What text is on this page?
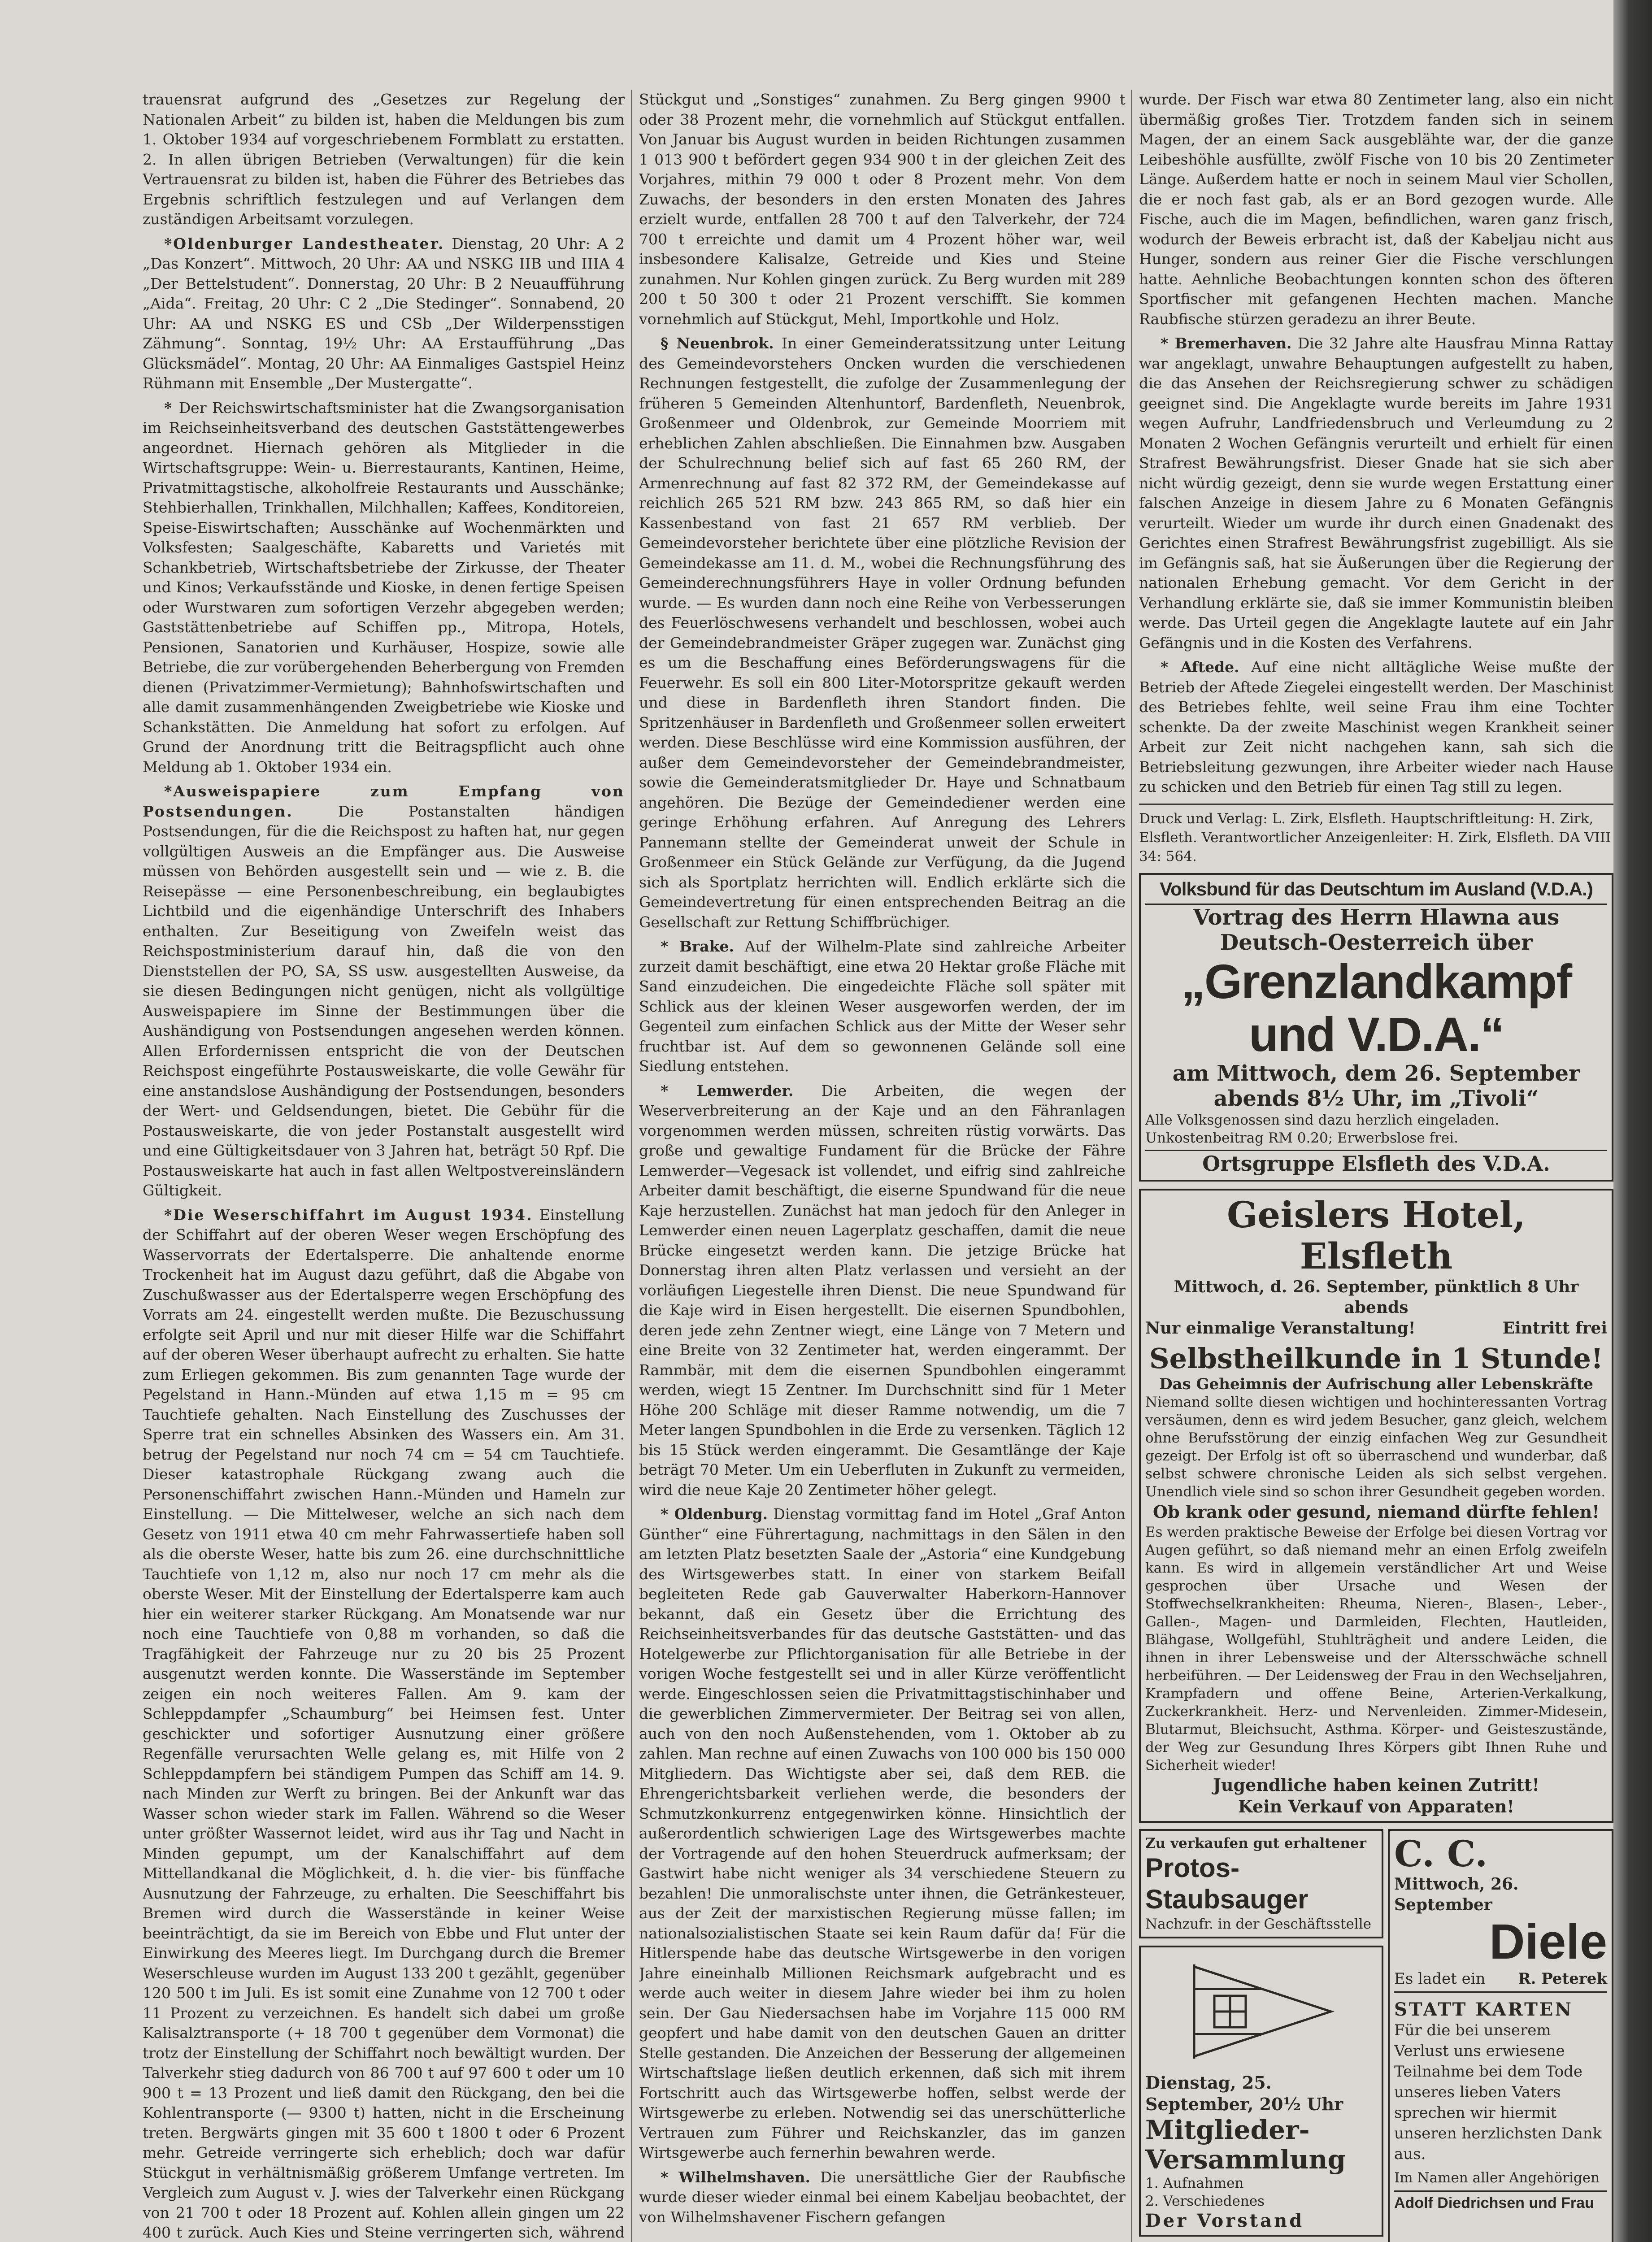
trauensrat aufgrund des „Gesetzes zur Regelung der Nationalen Arbeit“ zu bilden ist, haben die Meldungen bis zum 1. Oktober 1934 auf vorgeschriebenem Formblatt zu erstatten. 2. In allen übrigen Betrieben (Verwaltungen) für die kein Vertrauensrat zu bilden ist, haben die Führer des Betriebes das Ergebnis schriftlich festzulegen und auf Verlangen dem zuständigen Arbeitsamt vorzulegen.

*Oldenburger Landestheater. Dienstag, 20 Uhr: A 2 „Das Konzert“. Mittwoch, 20 Uhr: AA und NSKG IIB und IIIA 4 „Der Bettelstudent“. Donnerstag, 20 Uhr: B 2 Neuaufführung „Aida“. Freitag, 20 Uhr: C 2 „Die Stedinger“. Sonnabend, 20 Uhr: AA und NSKG ES und CSb „Der Wilderpensstigen Zähmung“. Sonntag, 19½ Uhr: AA Erstaufführung „Das Glücksmädel“. Montag, 20 Uhr: AA Einmaliges Gastspiel Heinz Rühmann mit Ensemble „Der Mustergatte“.

* Der Reichswirtschaftsminister hat die Zwangsorganisation im Reichseinheitsverband des deutschen Gaststättengewerbes angeordnet. Hiernach gehören als Mitglieder in die Wirtschaftsgruppe: Wein- u. Bierrestaurants, Kantinen, Heime, Privatmittagstische, alkoholfreie Restaurants und Ausschänke; Stehbierhallen, Trinkhallen, Milchhallen; Kaffees, Konditoreien, Speise-Eiswirtschaften; Ausschänke auf Wochenmärkten und Volksfesten; Saalgeschäfte, Kabaretts und Varietés mit Schankbetrieb, Wirtschaftsbetriebe der Zirkusse, der Theater und Kinos; Verkaufsstände und Kioske, in denen fertige Speisen oder Wurstwaren zum sofortigen Verzehr abgegeben werden; Gaststättenbetriebe auf Schiffen pp., Mitropa, Hotels, Pensionen, Sanatorien und Kurhäuser, Hospize, sowie alle Betriebe, die zur vorübergehenden Beherbergung von Fremden dienen (Privatzimmer-Vermietung); Bahnhofswirtschaften und alle damit zusammenhängenden Zweigbetriebe wie Kioske und Schankstätten. Die Anmeldung hat sofort zu erfolgen. Auf Grund der Anordnung tritt die Beitragspflicht auch ohne Meldung ab 1. Oktober 1934 ein.

*Ausweispapiere zum Empfang von Postsendungen. Die Postanstalten händigen Postsendungen, für die die Reichspost zu haften hat, nur gegen vollgültigen Ausweis an die Empfänger aus. Die Ausweise müssen von Behörden ausgestellt sein und — wie z. B. die Reisepässe — eine Personenbeschreibung, ein beglaubigtes Lichtbild und die eigenhändige Unterschrift des Inhabers enthalten. Zur Beseitigung von Zweifeln weist das Reichspostministerium darauf hin, daß die von den Dienststellen der PO, SA, SS usw. ausgestellten Ausweise, da sie diesen Bedingungen nicht genügen, nicht als vollgültige Ausweispapiere im Sinne der Bestimmungen über die Aushändigung von Postsendungen angesehen werden können. Allen Erfordernissen entspricht die von der Deutschen Reichspost eingeführte Postausweiskarte, die volle Gewähr für eine anstandslose Aushändigung der Postsendungen, besonders der Wert- und Geldsendungen, bietet. Die Gebühr für die Postausweiskarte, die von jeder Postanstalt ausgestellt wird und eine Gültigkeitsdauer von 3 Jahren hat, beträgt 50 Rpf. Die Postausweiskarte hat auch in fast allen Weltpostvereinsländern Gültigkeit.

*Die Weserschiffahrt im August 1934. Einstellung der Schiffahrt auf der oberen Weser wegen Erschöpfung des Wasservorrats der Edertalsperre. Die anhaltende enorme Trockenheit hat im August dazu geführt, daß die Abgabe von Zuschußwasser aus der Edertalsperre wegen Erschöpfung des Vorrats am 24. eingestellt werden mußte. Die Bezuschussung erfolgte seit April und nur mit dieser Hilfe war die Schiffahrt auf der oberen Weser überhaupt aufrecht zu erhalten. Sie hatte zum Erliegen gekommen. Bis zum genannten Tage wurde der Pegelstand in Hann.-Münden auf etwa 1,15 m = 95 cm Tauchtiefe gehalten. Nach Einstellung des Zuschusses der Sperre trat ein schnelles Absinken des Wassers ein. Am 31. betrug der Pegelstand nur noch 74 cm = 54 cm Tauchtiefe. Dieser katastrophale Rückgang zwang auch die Personenschiffahrt zwischen Hann.-Münden und Hameln zur Einstellung. — Die Mittelweser, welche an sich nach dem Gesetz von 1911 etwa 40 cm mehr Fahrwassertiefe haben soll als die oberste Weser, hatte bis zum 26. eine durchschnittliche Tauchtiefe von 1,12 m, also nur noch 17 cm mehr als die oberste Weser. Mit der Einstellung der Edertalsperre kam auch hier ein weiterer starker Rückgang. Am Monatsende war nur noch eine Tauchtiefe von 0,88 m vorhanden, so daß die Tragfähigkeit der Fahrzeuge nur zu 20 bis 25 Prozent ausgenutzt werden konnte. Die Wasserstände im September zeigen ein noch weiteres Fallen. Am 9. kam der Schleppdampfer „Schaumburg“ bei Heimsen fest. Unter geschickter und sofortiger Ausnutzung einer größere Regenfälle verursachten Welle gelang es, mit Hilfe von 2 Schleppdampfern bei ständigem Pumpen das Schiff am 14. 9. nach Minden zur Werft zu bringen. Bei der Ankunft war das Wasser schon wieder stark im Fallen. Während so die Weser unter größter Wassernot leidet, wird aus ihr Tag und Nacht in Minden gepumpt, um der Kanalschiffahrt auf dem Mittellandkanal die Möglichkeit, d. h. die vier- bis fünffache Ausnutzung der Fahrzeuge, zu erhalten. Die Seeschiffahrt bis Bremen wird durch die Wasserstände in keiner Weise beeinträchtigt, da sie im Bereich von Ebbe und Flut unter der Einwirkung des Meeres liegt. Im Durchgang durch die Bremer Weserschleuse wurden im August 133 200 t gezählt, gegenüber 120 500 t im Juli. Es ist somit eine Zunahme von 12 700 t oder 11 Prozent zu verzeichnen. Es handelt sich dabei um große Kalisalztransporte (+ 18 700 t gegenüber dem Vormonat) die trotz der Einstellung der Schiffahrt noch bewältigt wurden. Der Talverkehr stieg dadurch von 86 700 t auf 97 600 t oder um 10 900 t = 13 Prozent und ließ damit den Rückgang, den bei die Kohlentransporte (— 9300 t) hatten, nicht in die Erscheinung treten. Bergwärts gingen mit 35 600 t 1800 t oder 6 Prozent mehr. Getreide verringerte sich erheblich; doch war dafür Stückgut in verhältnismäßig größerem Umfange vertreten. Im Vergleich zum August v. J. wies der Talverkehr einen Rückgang von 21 700 t oder 18 Prozent auf. Kohlen allein gingen um 22 400 t zurück. Auch Kies und Steine verringerten sich, während

Stückgut und „Sonstiges“ zunahmen. Zu Berg gingen 9900 t oder 38 Prozent mehr, die vornehmlich auf Stückgut entfallen. Von Januar bis August wurden in beiden Richtungen zusammen 1 013 900 t befördert gegen 934 900 t in der gleichen Zeit des Vorjahres, mithin 79 000 t oder 8 Prozent mehr. Von dem Zuwachs, der besonders in den ersten Monaten des Jahres erzielt wurde, entfallen 28 700 t auf den Talverkehr, der 724 700 t erreichte und damit um 4 Prozent höher war, weil insbesondere Kalisalze, Getreide und Kies und Steine zunahmen. Nur Kohlen gingen zurück. Zu Berg wurden mit 289 200 t 50 300 t oder 21 Prozent verschifft. Sie kommen vornehmlich auf Stückgut, Mehl, Importkohle und Holz.

§ Neuenbrok. In einer Gemeinderatssitzung unter Leitung des Gemeindevorstehers Oncken wurden die verschiedenen Rechnungen festgestellt, die zufolge der Zusammenlegung der früheren 5 Gemeinden Altenhuntorf, Bardenfleth, Neuenbrok, Großenmeer und Oldenbrok, zur Gemeinde Moorriem mit erheblichen Zahlen abschließen. Die Einnahmen bzw. Ausgaben der Schulrechnung belief sich auf fast 65 260 RM, der Armenrechnung auf fast 82 372 RM, der Gemeindekasse auf reichlich 265 521 RM bzw. 243 865 RM, so daß hier ein Kassenbestand von fast 21 657 RM verblieb. Der Gemeindevorsteher berichtete über eine plötzliche Revision der Gemeindekasse am 11. d. M., wobei die Rechnungsführung des Gemeinderechnungsführers Haye in voller Ordnung befunden wurde. — Es wurden dann noch eine Reihe von Verbesserungen des Feuerlöschwesens verhandelt und beschlossen, wobei auch der Gemeindebrandmeister Gräper zugegen war. Zunächst ging es um die Beschaffung eines Beförderungswagens für die Feuerwehr. Es soll ein 800 Liter-Motorspritze gekauft werden und diese in Bardenfleth ihren Standort finden. Die Spritzenhäuser in Bardenfleth und Großenmeer sollen erweitert werden. Diese Beschlüsse wird eine Kommission ausführen, der außer dem Gemeindevorsteher der Gemeindebrandmeister, sowie die Gemeinderatsmitglieder Dr. Haye und Schnatbaum angehören. Die Bezüge der Gemeindediener werden eine geringe Erhöhung erfahren. Auf Anregung des Lehrers Pannemann stellte der Gemeinderat unweit der Schule in Großenmeer ein Stück Gelände zur Verfügung, da die Jugend sich als Sportplatz herrichten will. Endlich erklärte sich die Gemeindevertretung für einen entsprechenden Beitrag an die Gesellschaft zur Rettung Schiffbrüchiger.

* Brake. Auf der Wilhelm-Plate sind zahlreiche Arbeiter zurzeit damit beschäftigt, eine etwa 20 Hektar große Fläche mit Sand einzudeichen. Die eingedeichte Fläche soll später mit Schlick aus der kleinen Weser ausgeworfen werden, der im Gegenteil zum einfachen Schlick aus der Mitte der Weser sehr fruchtbar ist. Auf dem so gewonnenen Gelände soll eine Siedlung entstehen.

* Lemwerder. Die Arbeiten, die wegen der Weserverbreiterung an der Kaje und an den Fähranlagen vorgenommen werden müssen, schreiten rüstig vorwärts. Das große und gewaltige Fundament für die Brücke der Fähre Lemwerder—Vegesack ist vollendet, und eifrig sind zahlreiche Arbeiter damit beschäftigt, die eiserne Spundwand für die neue Kaje herzustellen. Zunächst hat man jedoch für den Anleger in Lemwerder einen neuen Lagerplatz geschaffen, damit die neue Brücke eingesetzt werden kann. Die jetzige Brücke hat Donnerstag ihren alten Platz verlassen und versieht an der vorläufigen Liegestelle ihren Dienst. Die neue Spundwand für die Kaje wird in Eisen hergestellt. Die eisernen Spundbohlen, deren jede zehn Zentner wiegt, eine Länge von 7 Metern und eine Breite von 32 Zentimeter hat, werden eingerammt. Der Rammbär, mit dem die eisernen Spundbohlen eingerammt werden, wiegt 15 Zentner. Im Durchschnitt sind für 1 Meter Höhe 200 Schläge mit dieser Ramme notwendig, um die 7 Meter langen Spundbohlen in die Erde zu versenken. Täglich 12 bis 15 Stück werden eingerammt. Die Gesamtlänge der Kaje beträgt 70 Meter. Um ein Ueberfluten in Zukunft zu vermeiden, wird die neue Kaje 20 Zentimeter höher gelegt.

* Oldenburg. Dienstag vormittag fand im Hotel „Graf Anton Günther“ eine Führertagung, nachmittags in den Sälen in den am letzten Platz besetzten Saale der „Astoria“ eine Kundgebung des Wirtsgewerbes statt. In einer von starkem Beifall begleiteten Rede gab Gauverwalter Haberkorn-Hannover bekannt, daß ein Gesetz über die Errichtung des Reichseinheitsverbandes für das deutsche Gaststätten- und das Hotelgewerbe zur Pflichtorganisation für alle Betriebe in der vorigen Woche festgestellt sei und in aller Kürze veröffentlicht werde. Eingeschlossen seien die Privatmittagstischinhaber und die gewerblichen Zimmervermieter. Der Beitrag sei von allen, auch von den noch Außenstehenden, vom 1. Oktober ab zu zahlen. Man rechne auf einen Zuwachs von 100 000 bis 150 000 Mitgliedern. Das Wichtigste aber sei, daß dem REB. die Ehrengerichtsbarkeit verliehen werde, die besonders der Schmutzkonkurrenz entgegenwirken könne. Hinsichtlich der außerordentlich schwierigen Lage des Wirtsgewerbes machte der Vortragende auf den hohen Steuerdruck aufmerksam; der Gastwirt habe nicht weniger als 34 verschiedene Steuern zu bezahlen! Die unmoralischste unter ihnen, die Getränkesteuer, aus der Zeit der marxistischen Regierung müsse fallen; im nationalsozialistischen Staate sei kein Raum dafür da! Für die Hitlerspende habe das deutsche Wirtsgewerbe in den vorigen Jahre eineinhalb Millionen Reichsmark aufgebracht und es werde auch weiter in diesem Jahre wieder bei ihm zu holen sein. Der Gau Niedersachsen habe im Vorjahre 115 000 RM geopfert und habe damit von den deutschen Gauen an dritter Stelle gestanden. Die Anzeichen der Besserung der allgemeinen Wirtschaftslage ließen deutlich erkennen, daß sich mit ihrem Fortschritt auch das Wirtsgewerbe hoffen, selbst werde der Wirtsgewerbe zu erleben. Notwendig sei das unerschütterliche Vertrauen zum Führer und Reichskanzler, das im ganzen Wirtsgewerbe auch fernerhin bewahren werde.

* Wilhelmshaven. Die unersättliche Gier der Raubfische wurde dieser wieder einmal bei einem Kabeljau beobachtet, der von Wilhelmshavener Fischern gefangen

wurde. Der Fisch war etwa 80 Zentimeter lang, also ein nicht übermäßig großes Tier. Trotzdem fanden sich in seinem Magen, der an einem Sack ausgeblähte war, der die ganze Leibeshöhle ausfüllte, zwölf Fische von 10 bis 20 Zentimeter Länge. Außerdem hatte er noch in seinem Maul vier Schollen, die er noch fast gab, als er an Bord gezogen wurde. Alle Fische, auch die im Magen, befindlichen, waren ganz frisch, wodurch der Beweis erbracht ist, daß der Kabeljau nicht aus Hunger, sondern aus reiner Gier die Fische verschlungen hatte. Aehnliche Beobachtungen konnten schon des öfteren Sportfischer mit gefangenen Hechten machen. Manche Raubfische stürzen geradezu an ihrer Beute.

* Bremerhaven. Die 32 Jahre alte Hausfrau Minna Rattay war angeklagt, unwahre Behauptungen aufgestellt zu haben, die das Ansehen der Reichsregierung schwer zu schädigen geeignet sind. Die Angeklagte wurde bereits im Jahre 1931 wegen Aufruhr, Landfriedensbruch und Verleumdung zu 2 Monaten 2 Wochen Gefängnis verurteilt und erhielt für einen Strafrest Bewährungsfrist. Dieser Gnade hat sie sich aber nicht würdig gezeigt, denn sie wurde wegen Erstattung einer falschen Anzeige in diesem Jahre zu 6 Monaten Gefängnis verurteilt. Wieder um wurde ihr durch einen Gnadenakt des Gerichtes einen Strafrest Bewährungsfrist zugebilligt. Als sie im Gefängnis saß, hat sie Äußerungen über die Regierung der nationalen Erhebung gemacht. Vor dem Gericht in der Verhandlung erklärte sie, daß sie immer Kommunistin bleiben werde. Das Urteil gegen die Angeklagte lautete auf ein Jahr Gefängnis und in die Kosten des Verfahrens.

* Aftede. Auf eine nicht alltägliche Weise mußte der Betrieb der Aftede Ziegelei eingestellt werden. Der Maschinist des Betriebes fehlte, weil seine Frau ihm eine Tochter schenkte. Da der zweite Maschinist wegen Krankheit seiner Arbeit zur Zeit nicht nachgehen kann, sah sich die Betriebsleitung gezwungen, ihre Arbeiter wieder nach Hause zu schicken und den Betrieb für einen Tag still zu legen.

Druck und Verlag: L. Zirk, Elsfleth. Hauptschriftleitung: H. Zirk, Elsfleth. Verantwortlicher Anzeigenleiter: H. Zirk, Elsfleth. DA VIII 34: 564.
Volksbund für das Deutschtum im Ausland (V.D.A.)
Vortrag des Herrn Hlawna aus Deutsch-Oesterreich über
„Grenzlandkampf und V.D.A.“
am Mittwoch, dem 26. September
abends 8½ Uhr, im „Tivoli“
Alle Volksgenossen sind dazu herzlich eingeladen. Unkostenbeitrag RM 0.20; Erwerbslose frei.
Ortsgruppe Elsfleth des V.D.A.
Geislers Hotel, Elsfleth
Mittwoch, d. 26. September, pünktlich 8 Uhr abends
Nur einmalige Veranstaltung!	Eintritt frei
Selbstheilkunde in 1 Stunde!
Das Geheimnis der Aufrischung aller Lebenskräfte
Niemand sollte diesen wichtigen und hochinteressanten Vortrag versäumen, denn es wird jedem Besucher, ganz gleich, welchem ohne Berufsstörung der einzig einfachen Weg zur Gesundheit gezeigt. Der Erfolg ist oft so überraschend und wunderbar, daß selbst schwere chronische Leiden als sich selbst vergehen. Unendlich viele sind so schon ihrer Gesundheit gegeben worden.
Ob krank oder gesund, niemand dürfte fehlen!
Es werden praktische Beweise der Erfolge bei diesen Vortrag vor Augen geführt, so daß niemand mehr an einen Erfolg zweifeln kann. Es wird in allgemein verständlicher Art und Weise gesprochen über Ursache und Wesen der Stoffwechselkrankheiten: Rheuma, Nieren-, Blasen-, Leber-, Gallen-, Magen- und Darmleiden, Flechten, Hautleiden, Blähgase, Wollgefühl, Stuhlträgheit und andere Leiden, die ihnen in ihrer Lebensweise und der Altersschwäche schnell herbeiführen. — Der Leidensweg der Frau in den Wechseljahren, Krampfadern und offene Beine, Arterien-Verkalkung, Zuckerkrankheit. Herz- und Nervenleiden. Zimmer-Midesein, Blutarmut, Bleichsucht, Asthma. Körper- und Geisteszustände, der Weg zur Gesundung Ihres Körpers gibt Ihnen Ruhe und Sicherheit wieder!
Jugendliche haben keinen Zutritt!
Kein Verkauf von Apparaten!
Zu verkaufen gut erhaltener
Protos-Staubsauger
Nachzufr. in der Geschäftsstelle
Dienstag, 25. September, 20½ Uhr
Mitglieder-Versammlung
1. Aufnahmen
2. Verschiedenes
Der Vorstand
C. C.
Mittwoch, 26. September
Diele
Es ladet ein R. Peterek
STATT KARTEN
Für die bei unserem Verlust uns erwiesene Teilnahme bei dem Tode unseres lieben Vaters sprechen wir hiermit unseren herzlichsten Dank aus.
Im Namen aller Angehörigen
Adolf Diedrichsen und Frau
